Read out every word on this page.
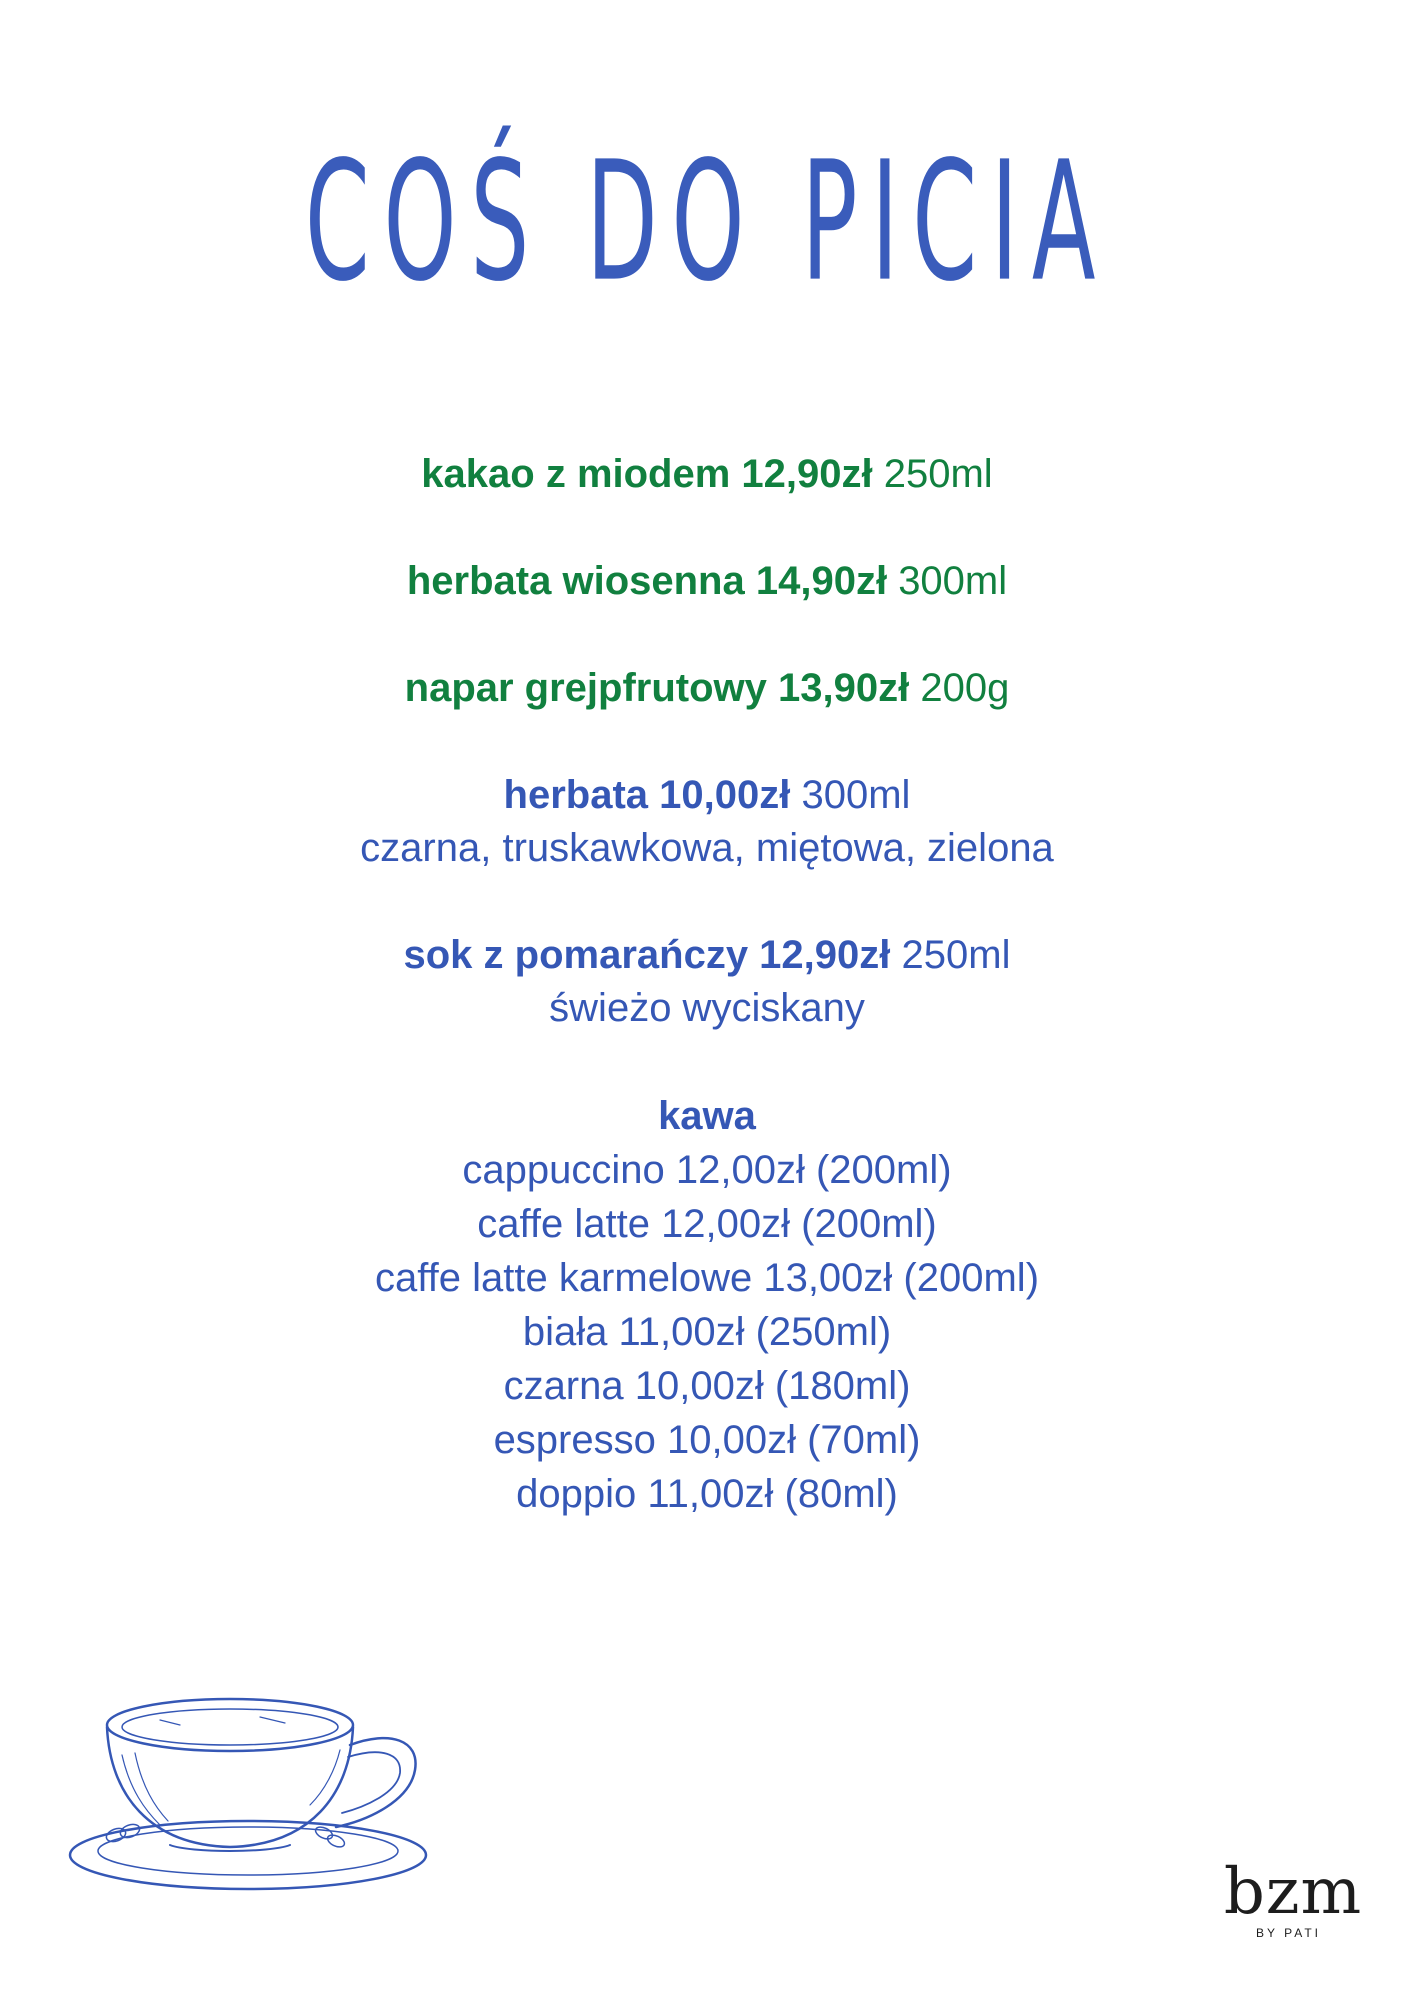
COŚ DO PICIA
kakao z miodem 12,90zł 250ml
herbata wiosenna 14,90zł 300ml
napar grejpfrutowy 13,90zł 200g
herbata 10,00zł 300ml
czarna, truskawkowa, miętowa, zielona
sok z pomarańczy 12,90zł 250ml
świeżo wyciskany
kawa
cappuccino 12,00zł (200ml)
caffe latte 12,00zł (200ml)
caffe latte karmelowe 13,00zł (200ml)
biała 11,00zł (250ml)
czarna 10,00zł (180ml)
espresso 10,00zł (70ml)
doppio 11,00zł (80ml)
bzm
BY PATI
